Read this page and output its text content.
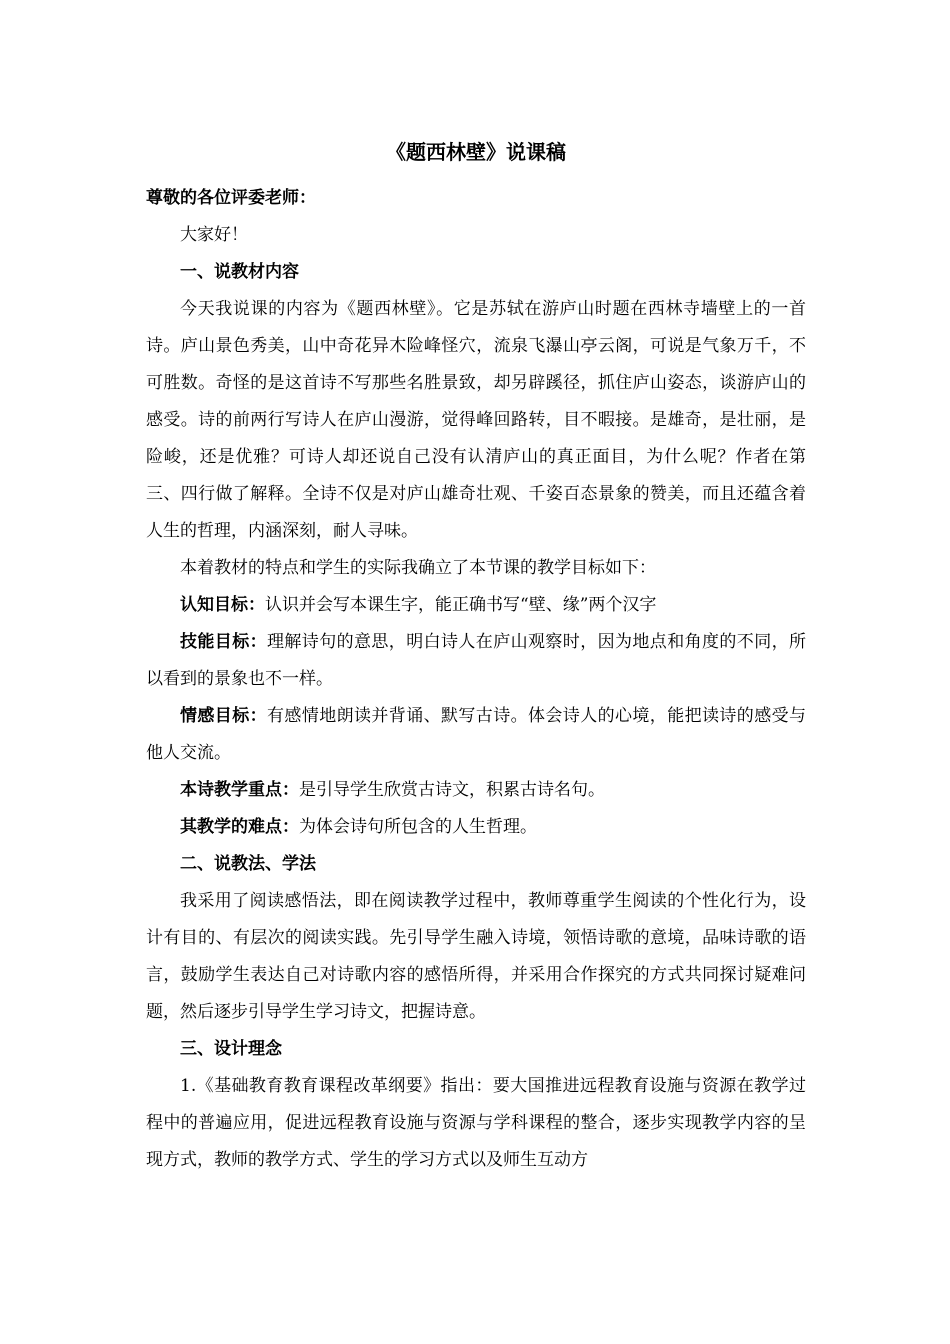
《题西林壁》说课稿

尊敬的各位评委老师：

大家好！

一、说教材内容

今天我说课的内容为《题西林壁》。它是苏轼在游庐山时题在西林寺墙壁上的一首诗。庐山景色秀美，山中奇花异木险峰怪穴，流泉飞瀑山亭云阁，可说是气象万千，不可胜数。奇怪的是这首诗不写那些名胜景致，却另辟蹊径，抓住庐山姿态，谈游庐山的感受。诗的前两行写诗人在庐山漫游，觉得峰回路转，目不暇接。是雄奇，是壮丽，是险峻，还是优雅？可诗人却还说自己没有认清庐山的真正面目，为什么呢？作者在第三、四行做了解释。全诗不仅是对庐山雄奇壮观、千姿百态景象的赞美，而且还蕴含着人生的哲理，内涵深刻，耐人寻味。

本着教材的特点和学生的实际我确立了本节课的教学目标如下：

认知目标：认识并会写本课生字，能正确书写“壁、缘”两个汉字

技能目标：理解诗句的意思，明白诗人在庐山观察时，因为地点和角度的不同，所以看到的景象也不一样。

情感目标：有感情地朗读并背诵、默写古诗。体会诗人的心境，能把读诗的感受与他人交流。

本诗教学重点：是引导学生欣赏古诗文，积累古诗名句。

其教学的难点：为体会诗句所包含的人生哲理。

二、说教法、学法

我采用了阅读感悟法，即在阅读教学过程中，教师尊重学生阅读的个性化行为，设计有目的、有层次的阅读实践。先引导学生融入诗境，领悟诗歌的意境，品味诗歌的语言，鼓励学生表达自己对诗歌内容的感悟所得，并采用合作探究的方式共同探讨疑难问题，然后逐步引导学生学习诗文，把握诗意。

三、设计理念

1.《基础教育教育课程改革纲要》指出：要大国推进远程教育设施与资源在教学过程中的普遍应用，促进远程教育设施与资源与学科课程的整合，逐步实现教学内容的呈现方式，教师的教学方式、学生的学习方式以及师生互动方
